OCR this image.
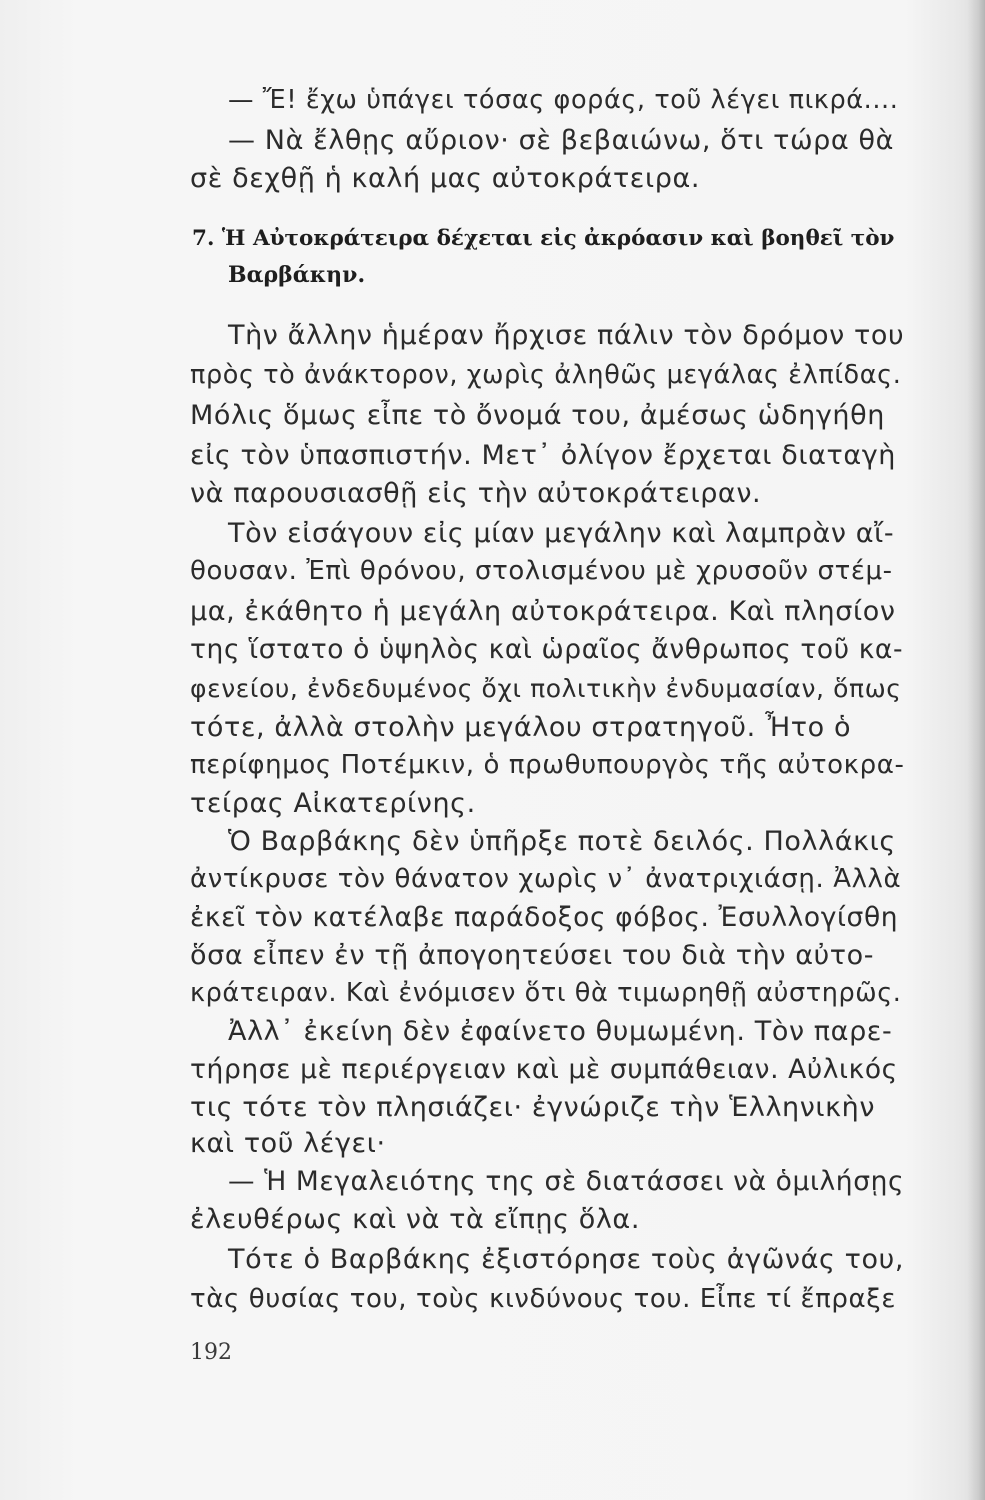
— Ἔ! ἔχω ὑπάγει τόσας φοράς, τοῦ λέγει πικρά....
— Νὰ ἔλθῃς αὔριον· σὲ βεβαιώνω, ὅτι τώρα θὰ
σὲ δεχθῇ ἡ καλή μας αὐτοκράτειρα.
7. Ἡ Αὐτοκράτειρα δέχεται εἰς ἀκρόασιν καὶ βοηθεῖ τὸν
Βαρβάκην.
Τὴν ἄλλην ἡμέραν ἤρχισε πάλιν τὸν δρόμον του
πρὸς τὸ ἀνάκτορον, χωρὶς ἀληθῶς μεγάλας ἐλπίδας.
Μόλις ὅμως εἶπε τὸ ὄνομά του, ἀμέσως ὡδηγήθη
εἰς τὸν ὑπασπιστήν. Μετ᾽ ὀλίγον ἔρχεται διαταγὴ
νὰ παρουσιασθῇ εἰς τὴν αὐτοκράτειραν.
Τὸν εἰσάγουν εἰς μίαν μεγάλην καὶ λαμπρὰν αἴ-
θουσαν. Ἐπὶ θρόνου, στολισμένου μὲ χρυσοῦν στέμ-
μα, ἐκάθητο ἡ μεγάλη αὐτοκράτειρα. Καὶ πλησίον
της ἵστατο ὁ ὑψηλὸς καὶ ὡραῖος ἄνθρωπος τοῦ κα-
φενείου, ἐνδεδυμένος ὄχι πολιτικὴν ἐνδυμασίαν, ὅπως
τότε, ἀλλὰ στολὴν μεγάλου στρατηγοῦ. Ἦτο ὁ
περίφημος Ποτέμκιν, ὁ πρωθυπουργὸς τῆς αὐτοκρα-
τείρας Αἰκατερίνης.
Ὁ Βαρβάκης δὲν ὑπῆρξε ποτὲ δειλός. Πολλάκις
ἀντίκρυσε τὸν θάνατον χωρὶς ν᾽ ἀνατριχιάσῃ. Ἀλλὰ
ἐκεῖ τὸν κατέλαβε παράδοξος φόβος. Ἐσυλλογίσθη
ὅσα εἶπεν ἐν τῇ ἀπογοητεύσει του διὰ τὴν αὐτο-
κράτειραν. Καὶ ἐνόμισεν ὅτι θὰ τιμωρηθῇ αὐστηρῶς.
Ἀλλ᾽ ἐκείνη δὲν ἐφαίνετο θυμωμένη. Τὸν παρε-
τήρησε μὲ περιέργειαν καὶ μὲ συμπάθειαν. Αὐλικός
τις τότε τὸν πλησιάζει· ἐγνώριζε τὴν Ἑλληνικὴν
καὶ τοῦ λέγει·
— Ἡ Μεγαλειότης της σὲ διατάσσει νὰ ὁμιλήσῃς
ἐλευθέρως καὶ νὰ τὰ εἴπῃς ὅλα.
Τότε ὁ Βαρβάκης ἐξιστόρησε τοὺς ἀγῶνάς του,
τὰς θυσίας του, τοὺς κινδύνους του. Εἶπε τί ἔπραξε
192
